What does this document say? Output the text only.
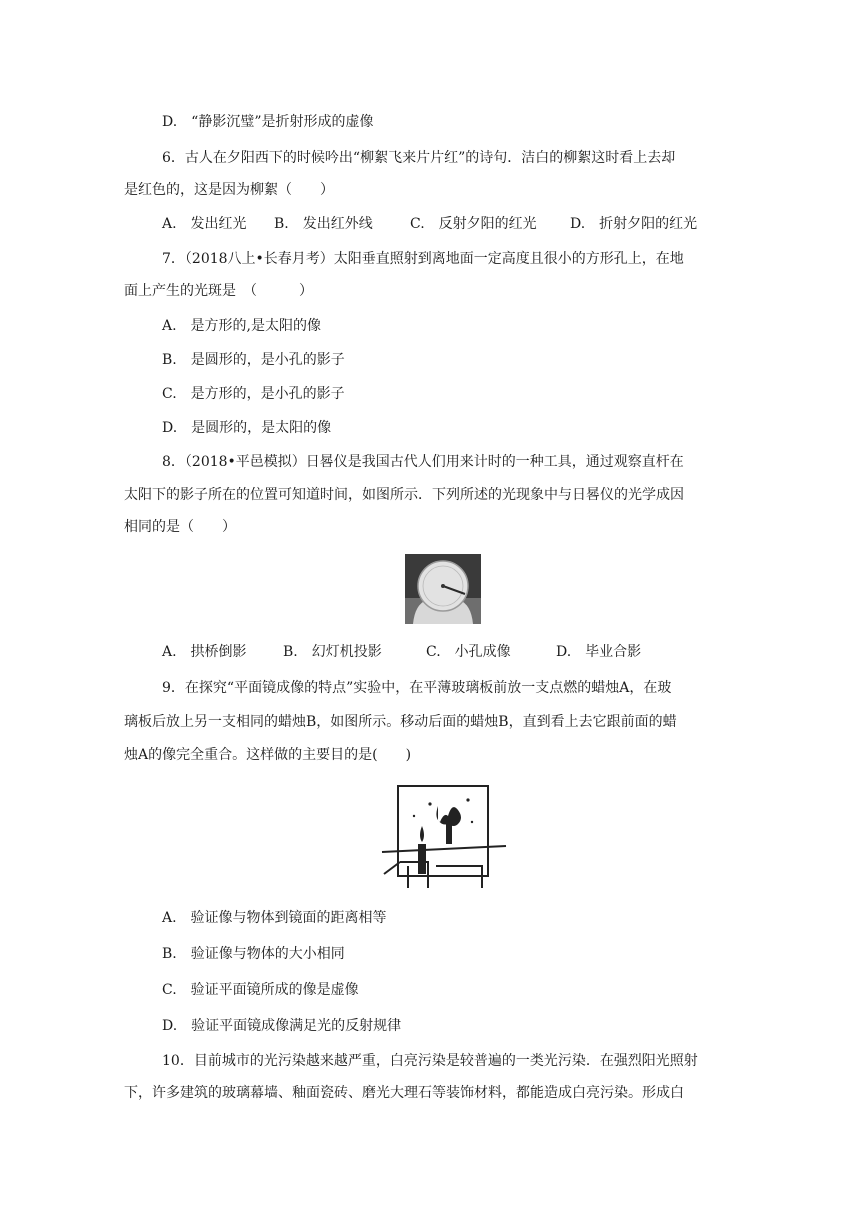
D.　“静影沉璧”是折射形成的虚像
6．古人在夕阳西下的时候吟出“柳絮飞来片片红”的诗句．洁白的柳絮这时看上去却
是红色的，这是因为柳絮（　　）
A.　发出红光 B.　发出红外线	C.　反射夕阳的红光 D.　折射夕阳的红光
7．（2018八上•长春月考）太阳垂直照射到离地面一定高度且很小的方形孔上，在地
面上产生的光斑是　（　　　）
A.　是方形的,是太阳的像
B.　是圆形的，是小孔的影子
C.　是方形的，是小孔的影子
D.　是圆形的，是太阳的像
8．（2018•平邑模拟）日晷仪是我国古代人们用来计时的一种工具，通过观察直杆在
太阳下的影子所在的位置可知道时间，如图所示．下列所述的光现象中与日晷仪的光学成因
相同的是（　　）
A.　拱桥倒影	B.　幻灯机投影	C.　小孔成像	D.　毕业合影
9．在探究“平面镜成像的特点”实验中，在平薄玻璃板前放一支点燃的蜡烛A，在玻
璃板后放上另一支相同的蜡烛B，如图所示。移动后面的蜡烛B，直到看上去它跟前面的蜡
烛A的像完全重合。这样做的主要目的是(　　)
A.　验证像与物体到镜面的距离相等
B.　验证像与物体的大小相同
C.　验证平面镜所成的像是虚像
D.　验证平面镜成像满足光的反射规律
10．目前城市的光污染越来越严重，白亮污染是较普遍的一类光污染．在强烈阳光照射
下，许多建筑的玻璃幕墙、釉面瓷砖、磨光大理石等装饰材料，都能造成白亮污染。形成白
